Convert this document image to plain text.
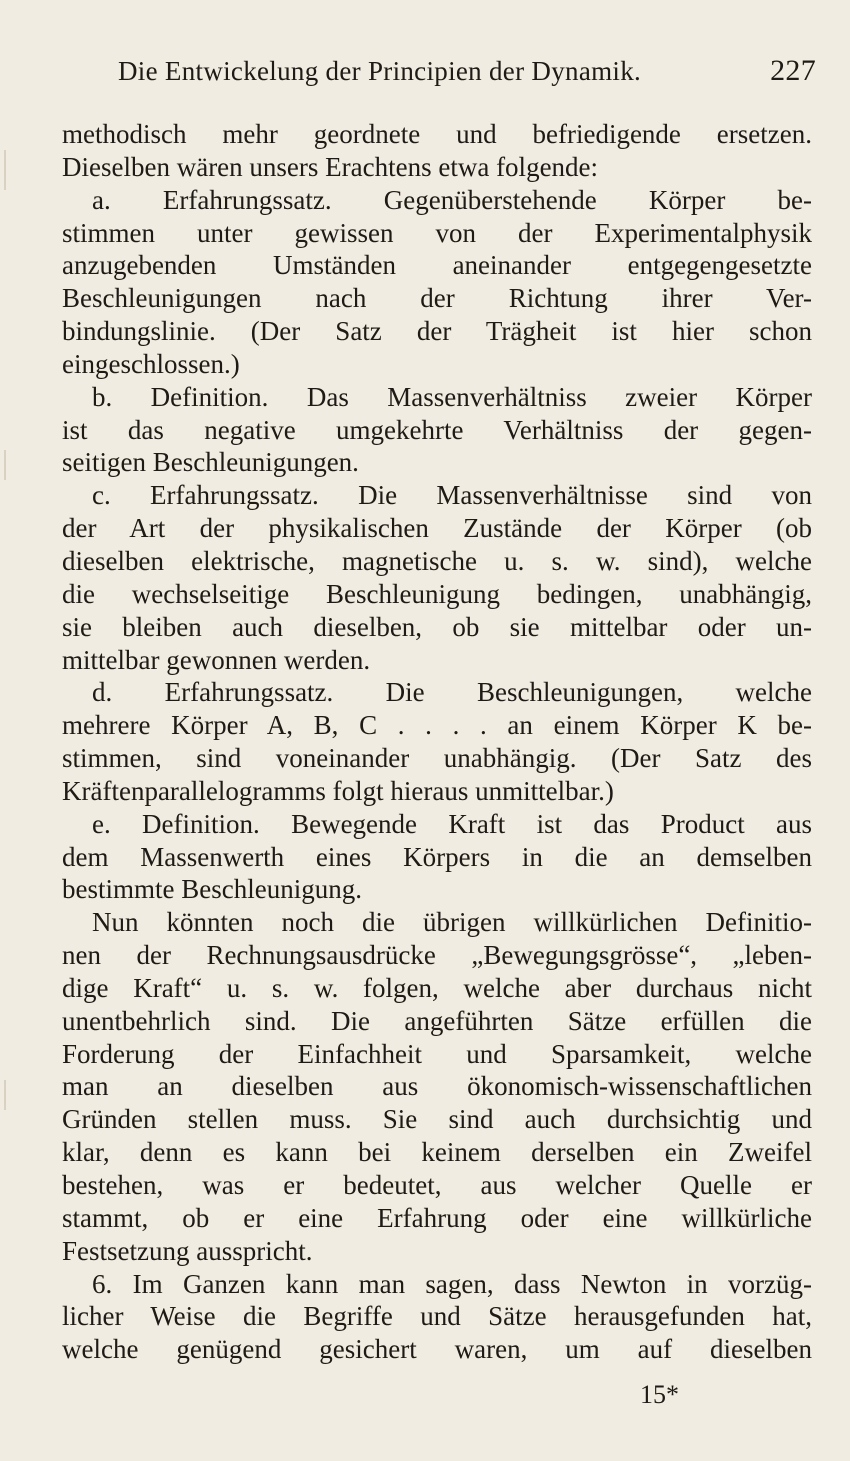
Die Entwickelung der Principien der Dynamik.	227
methodisch mehr geordnete und befriedigende ersetzen.
Dieselben wären unsers Erachtens etwa folgende:
a. Erfahrungssatz. Gegenüberstehende Körper be-
stimmen unter gewissen von der Experimentalphysik
anzugebenden Umständen aneinander entgegengesetzte
Beschleunigungen nach der Richtung ihrer Ver-
bindungslinie. (Der Satz der Trägheit ist hier schon
eingeschlossen.)
b. Definition. Das Massenverhältniss zweier Körper
ist das negative umgekehrte Verhältniss der gegen-
seitigen Beschleunigungen.
c. Erfahrungssatz. Die Massenverhältnisse sind von
der Art der physikalischen Zustände der Körper (ob
dieselben elektrische, magnetische u. s. w. sind), welche
die wechselseitige Beschleunigung bedingen, unabhängig,
sie bleiben auch dieselben, ob sie mittelbar oder un-
mittelbar gewonnen werden.
d. Erfahrungssatz. Die Beschleunigungen, welche
mehrere Körper A, B, C . . . . an einem Körper K be-
stimmen, sind voneinander unabhängig. (Der Satz des
Kräftenparallelogramms folgt hieraus unmittelbar.)
e. Definition. Bewegende Kraft ist das Product aus
dem Massenwerth eines Körpers in die an demselben
bestimmte Beschleunigung.
Nun könnten noch die übrigen willkürlichen Definitio-
nen der Rechnungsausdrücke „Bewegungsgrösse“, „leben-
dige Kraft“ u. s. w. folgen, welche aber durchaus nicht
unentbehrlich sind. Die angeführten Sätze erfüllen die
Forderung der Einfachheit und Sparsamkeit, welche
man an dieselben aus ökonomisch-wissenschaftlichen
Gründen stellen muss. Sie sind auch durchsichtig und
klar, denn es kann bei keinem derselben ein Zweifel
bestehen, was er bedeutet, aus welcher Quelle er
stammt, ob er eine Erfahrung oder eine willkürliche
Festsetzung ausspricht.
6. Im Ganzen kann man sagen, dass Newton in vorzüg-
licher Weise die Begriffe und Sätze herausgefunden hat,
welche genügend gesichert waren, um auf dieselben
15*
